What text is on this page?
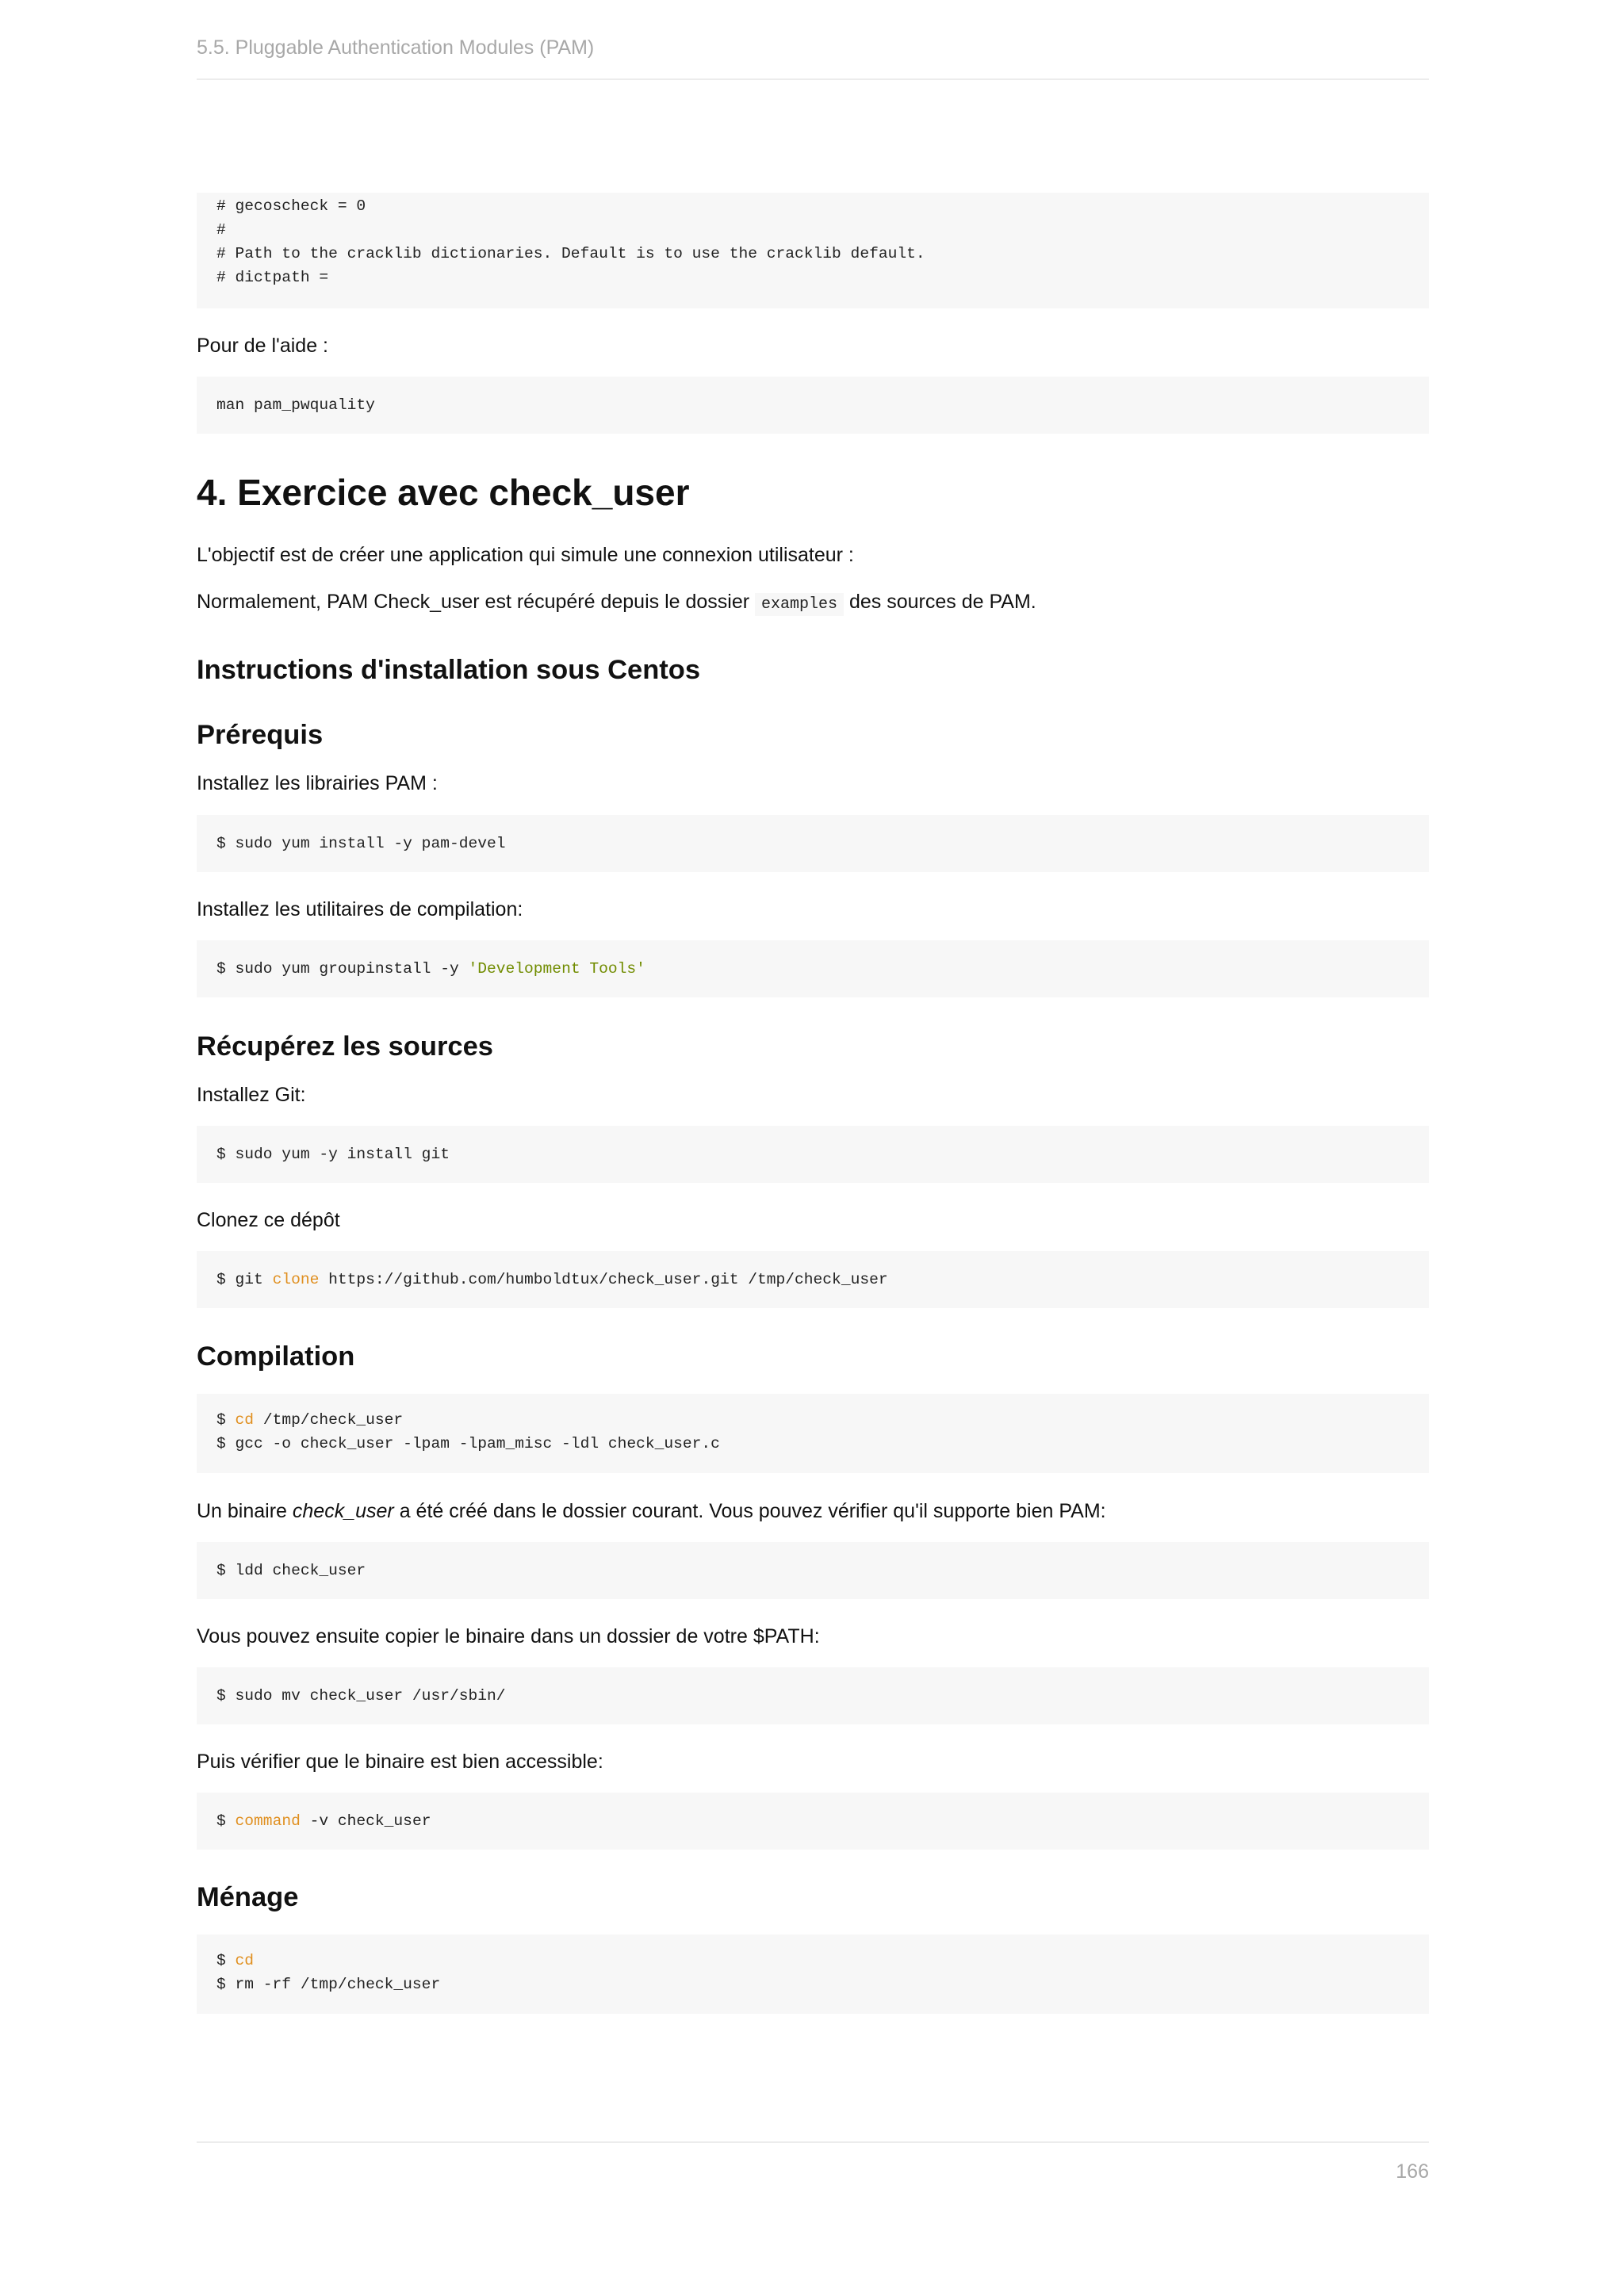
5.5. Pluggable Authentication Modules (PAM)
# gecoscheck = 0
#
# Path to the cracklib dictionaries. Default is to use the cracklib default.
# dictpath =

Pour de l'aide :

man pam_pwquality
4. Exercice avec check_user

L'objectif est de créer une application qui simule une connexion utilisateur :

Normalement, PAM Check_user est récupéré depuis le dossier examples des sources de PAM.

Instructions d'installation sous Centos
Prérequis

Installez les librairies PAM :

$ sudo yum install -y pam-devel

Installez les utilitaires de compilation:

$ sudo yum groupinstall -y 'Development Tools'
Récupérez les sources

Installez Git:

$ sudo yum -y install git

Clonez ce dépôt

$ git clone https://github.com/humboldtux/check_user.git /tmp/check_user
Compilation
$ cd /tmp/check_user
$ gcc -o check_user -lpam -lpam_misc -ldl check_user.c

Un binaire check_user a été créé dans le dossier courant. Vous pouvez vérifier qu'il supporte bien PAM:

$ ldd check_user

Vous pouvez ensuite copier le binaire dans un dossier de votre $PATH:

$ sudo mv check_user /usr/sbin/

Puis vérifier que le binaire est bien accessible:

$ command -v check_user
Ménage
$ cd
$ rm -rf /tmp/check_user
166
